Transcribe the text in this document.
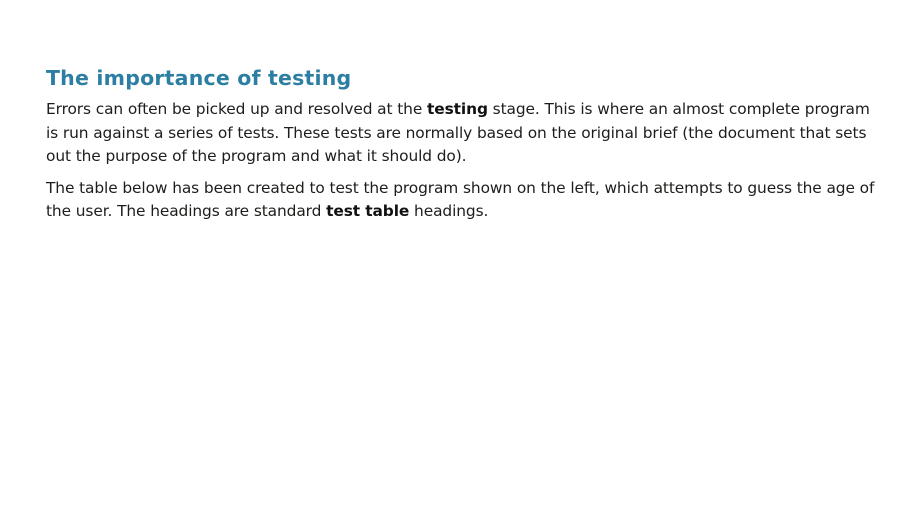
The importance of testing

Errors can often be picked up and resolved at the testing stage. This is where an almost complete program is run against a series of tests. These tests are normally based on the original brief (the document that sets out the purpose of the program and what it should do).

The table below has been created to test the program shown on the left, which attempts to guess the age of the user. The headings are standard test table headings.
